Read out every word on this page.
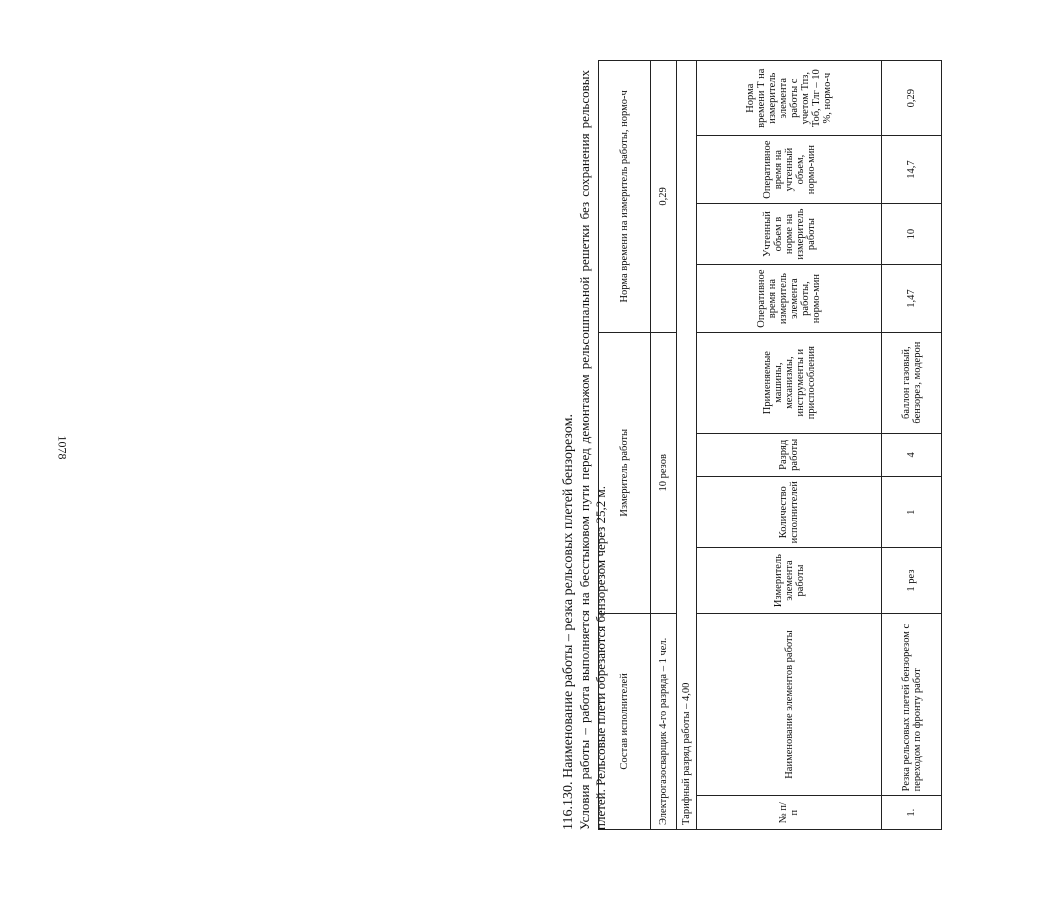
1078	116.130. Наименование работы – резка рельсовых плетей бензорезом. Условия работы – работа выполняется на бесстыковом пути перед демонтажом рельсошпальной решетки без сохранения рельсовых плетей. Рельсовые плети обрезаются бензорезом через 25,2 м. Состав исполнителей		Измеритель работы				Норма времени на измеритель работы, нормо-ч			
Электрогазосварщик 4-го разряда – 1 чел.		10 резов				0,29			
Тарифный разряд работы – 4,00									
№ п/п	Наименование элементов работы	Измеритель элемента работы	Количество исполнителей	Разряд работы	Применяемые машины, механизмы, инструменты и приспособления	Оперативное время на измеритель элемента работы, нормо-мин	Учтенный объем в норме на измеритель работы	Оперативное время на учтенный объем, нормо-мин	Норма времени Т на измеритель элемента работы с учетом Тпз, Тоб, Тлг – 10 %, нормо-ч
1.	Резка рельсовых плетей бензорезом с переходом по фронту работ	1 рез	1	4	баллон газовый, бензорез, модерон	1,47	10	14,7	0,29
